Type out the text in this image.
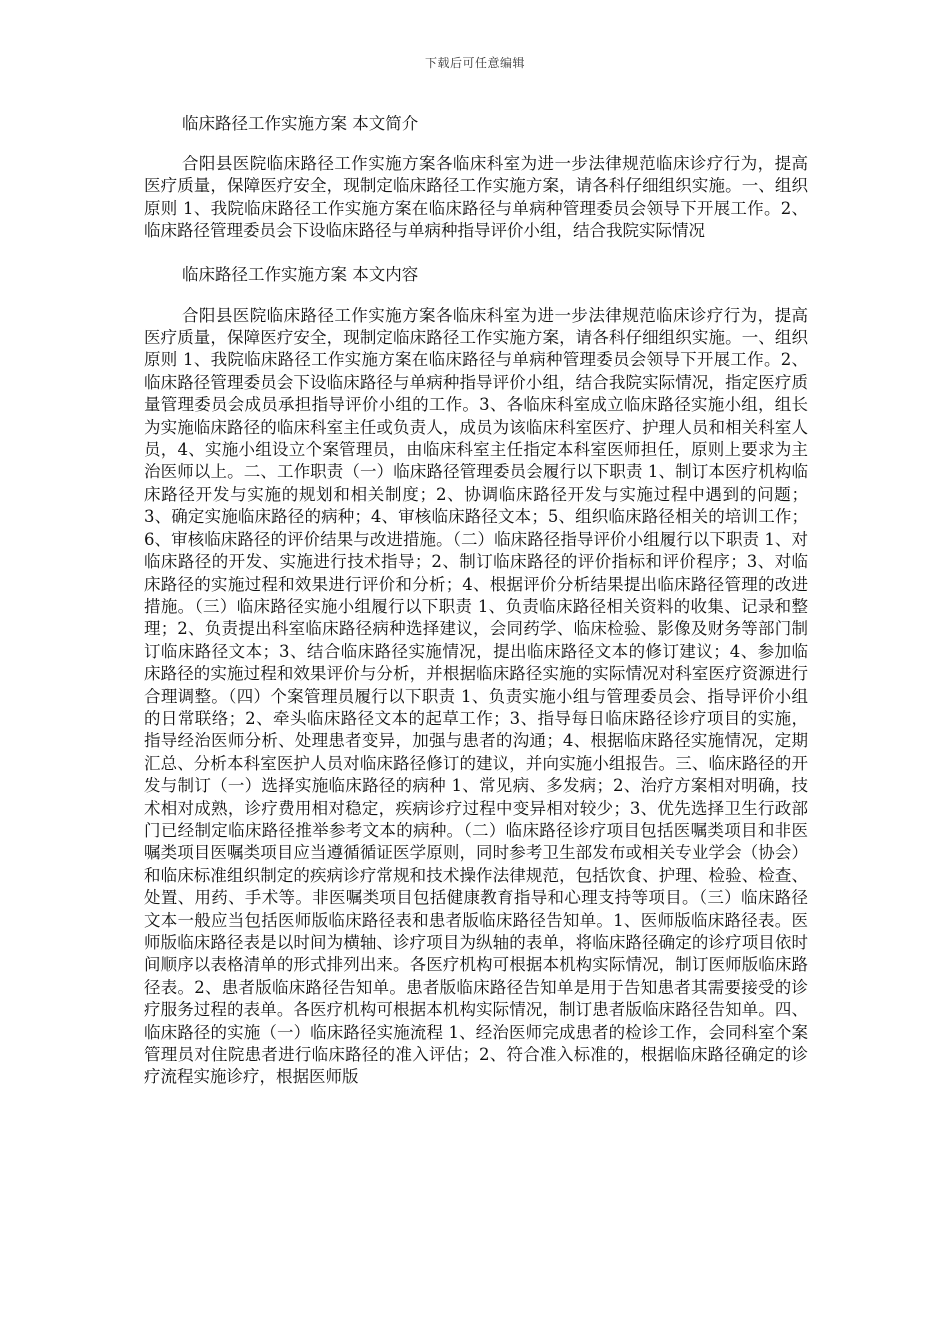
下载后可任意编辑
临床路径工作实施方案 本文简介

合阳县医院临床路径工作实施方案各临床科室为进一步法律规范临床诊疗行为，提高医疗质量，保障医疗安全，现制定临床路径工作实施方案，请各科仔细组织实施。一、组织原则 1、我院临床路径工作实施方案在临床路径与单病种管理委员会领导下开展工作。2、临床路径管理委员会下设临床路径与单病种指导评价小组，结合我院实际情况

临床路径工作实施方案 本文内容

合阳县医院临床路径工作实施方案各临床科室为进一步法律规范临床诊疗行为，提高医疗质量，保障医疗安全，现制定临床路径工作实施方案，请各科仔细组织实施。一、组织原则 1、我院临床路径工作实施方案在临床路径与单病种管理委员会领导下开展工作。2、临床路径管理委员会下设临床路径与单病种指导评价小组，结合我院实际情况，指定医疗质量管理委员会成员承担指导评价小组的工作。3、各临床科室成立临床路径实施小组，组长为实施临床路径的临床科室主任或负责人，成员为该临床科室医疗、护理人员和相关科室人员，4、实施小组设立个案管理员，由临床科室主任指定本科室医师担任，原则上要求为主治医师以上。二、工作职责（一）临床路径管理委员会履行以下职责 1、制订本医疗机构临床路径开发与实施的规划和相关制度；2、协调临床路径开发与实施过程中遇到的问题；3、确定实施临床路径的病种；4、审核临床路径文本；5、组织临床路径相关的培训工作；6、审核临床路径的评价结果与改进措施。（二）临床路径指导评价小组履行以下职责 1、对临床路径的开发、实施进行技术指导；2、制订临床路径的评价指标和评价程序；3、对临床路径的实施过程和效果进行评价和分析；4、根据评价分析结果提出临床路径管理的改进措施。（三）临床路径实施小组履行以下职责 1、负责临床路径相关资料的收集、记录和整理；2、负责提出科室临床路径病种选择建议，会同药学、临床检验、影像及财务等部门制订临床路径文本；3、结合临床路径实施情况，提出临床路径文本的修订建议；4、参加临床路径的实施过程和效果评价与分析，并根据临床路径实施的实际情况对科室医疗资源进行合理调整。（四）个案管理员履行以下职责 1、负责实施小组与管理委员会、指导评价小组的日常联络；2、牵头临床路径文本的起草工作；3、指导每日临床路径诊疗项目的实施，指导经治医师分析、处理患者变异，加强与患者的沟通；4、根据临床路径实施情况，定期汇总、分析本科室医护人员对临床路径修订的建议，并向实施小组报告。三、临床路径的开发与制订（一）选择实施临床路径的病种 1、常见病、多发病；2、治疗方案相对明确，技术相对成熟，诊疗费用相对稳定，疾病诊疗过程中变异相对较少；3、优先选择卫生行政部门已经制定临床路径推举参考文本的病种。（二）临床路径诊疗项目包括医嘱类项目和非医嘱类项目医嘱类项目应当遵循循证医学原则，同时参考卫生部发布或相关专业学会（协会）和临床标准组织制定的疾病诊疗常规和技术操作法律规范，包括饮食、护理、检验、检查、处置、用药、手术等。非医嘱类项目包括健康教育指导和心理支持等项目。（三）临床路径文本一般应当包括医师版临床路径表和患者版临床路径告知单。1、医师版临床路径表。医师版临床路径表是以时间为横轴、诊疗项目为纵轴的表单，将临床路径确定的诊疗项目依时间顺序以表格清单的形式排列出来。各医疗机构可根据本机构实际情况，制订医师版临床路径表。2、患者版临床路径告知单。患者版临床路径告知单是用于告知患者其需要接受的诊疗服务过程的表单。各医疗机构可根据本机构实际情况，制订患者版临床路径告知单。四、临床路径的实施（一）临床路径实施流程 1、经治医师完成患者的检诊工作，会同科室个案管理员对住院患者进行临床路径的准入评估；2、符合准入标准的，根据临床路径确定的诊疗流程实施诊疗，根据医师版
